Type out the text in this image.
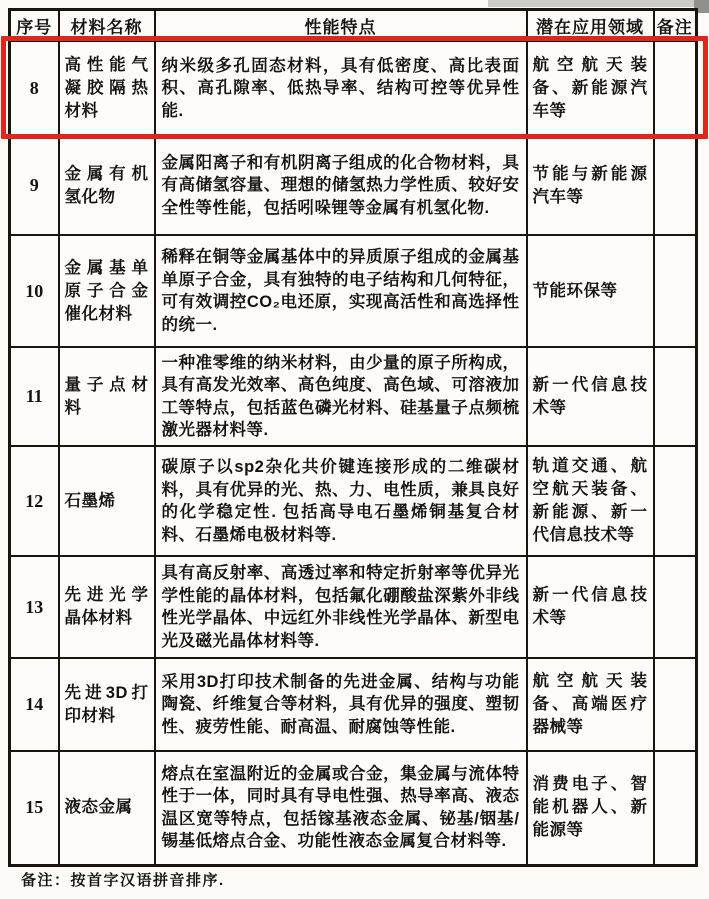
序号	材料名称	性能特点	潜在应用领域	备注
8	高性能气凝胶隔热材料	纳米级多孔固态材料，具有低密度、高比表面积、高孔隙率、低热导率、结构可控等优异性能.	航空航天装备、新能源汽车等	
9	金属有机氢化物	金属阳离子和有机阴离子组成的化合物材料，具有高储氢容量、理想的储氢热力学性质、较好安全性等性能，包括吲哚锂等金属有机氢化物.	节能与新能源汽车等	
10	金属基单原子合金催化材料	稀释在铜等金属基体中的异质原子组成的金属基单原子合金，具有独特的电子结构和几何特征，可有效调控CO₂电还原，实现高活性和高选择性的统一.	节能环保等	
11	量子点材料	一种准零维的纳米材料，由少量的原子所构成，具有高发光效率、高色纯度、高色域、可溶液加工等特点，包括蓝色磷光材料、硅基量子点频梳激光器材料等.	新一代信息技术等	
12	石墨烯	碳原子以sp2杂化共价键连接形成的二维碳材料，具有优异的光、热、力、电性质，兼具良好的化学稳定性. 包括高导电石墨烯铜基复合材料、石墨烯电极材料等.	轨道交通、航空航天装备、新能源、新一代信息技术等	
13	先进光学晶体材料	具有高反射率、高透过率和特定折射率等优异光学性能的晶体材料，包括氟化硼酸盐深紫外非线性光学晶体、中远红外非线性光学晶体、新型电光及磁光晶体材料等.	新一代信息技术等	
14	先进3D打印材料	采用3D打印技术制备的先进金属、结构与功能陶瓷、纤维复合等材料，具有优异的强度、塑韧性、疲劳性能、耐高温、耐腐蚀等性能.	航空航天装备、高端医疗器械等	
15	液态金属	熔点在室温附近的金属或合金，集金属与流体特性于一体，同时具有导电性强、热导率高、液态温区宽等特点，包括镓基液态金属、铋基/铟基/锡基低熔点合金、功能性液态金属复合材料等.	消费电子、智能机器人、新能源等	
备注：按首字汉语拼音排序.
